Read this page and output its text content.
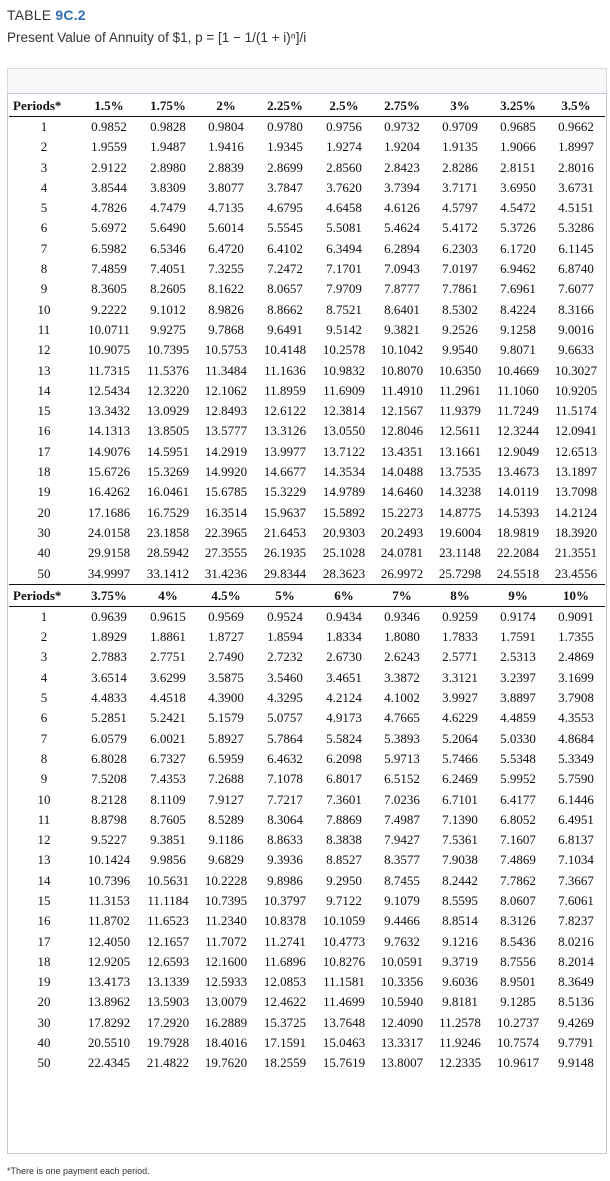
TABLE 9C.2
Present Value of Annuity of $1, p = [1 − 1/(1 + i)ⁿ]/i
Periods*	1.5%	1.75%	2%	2.25%	2.5%	2.75%	3%	3.25%	3.5%
1	0.9852	0.9828	0.9804	0.9780	0.9756	0.9732	0.9709	0.9685	0.9662
2	1.9559	1.9487	1.9416	1.9345	1.9274	1.9204	1.9135	1.9066	1.8997
3	2.9122	2.8980	2.8839	2.8699	2.8560	2.8423	2.8286	2.8151	2.8016
4	3.8544	3.8309	3.8077	3.7847	3.7620	3.7394	3.7171	3.6950	3.6731
5	4.7826	4.7479	4.7135	4.6795	4.6458	4.6126	4.5797	4.5472	4.5151
6	5.6972	5.6490	5.6014	5.5545	5.5081	5.4624	5.4172	5.3726	5.3286
7	6.5982	6.5346	6.4720	6.4102	6.3494	6.2894	6.2303	6.1720	6.1145
8	7.4859	7.4051	7.3255	7.2472	7.1701	7.0943	7.0197	6.9462	6.8740
9	8.3605	8.2605	8.1622	8.0657	7.9709	7.8777	7.7861	7.6961	7.6077
10	9.2222	9.1012	8.9826	8.8662	8.7521	8.6401	8.5302	8.4224	8.3166
11	10.0711	9.9275	9.7868	9.6491	9.5142	9.3821	9.2526	9.1258	9.0016
12	10.9075	10.7395	10.5753	10.4148	10.2578	10.1042	9.9540	9.8071	9.6633
13	11.7315	11.5376	11.3484	11.1636	10.9832	10.8070	10.6350	10.4669	10.3027
14	12.5434	12.3220	12.1062	11.8959	11.6909	11.4910	11.2961	11.1060	10.9205
15	13.3432	13.0929	12.8493	12.6122	12.3814	12.1567	11.9379	11.7249	11.5174
16	14.1313	13.8505	13.5777	13.3126	13.0550	12.8046	12.5611	12.3244	12.0941
17	14.9076	14.5951	14.2919	13.9977	13.7122	13.4351	13.1661	12.9049	12.6513
18	15.6726	15.3269	14.9920	14.6677	14.3534	14.0488	13.7535	13.4673	13.1897
19	16.4262	16.0461	15.6785	15.3229	14.9789	14.6460	14.3238	14.0119	13.7098
20	17.1686	16.7529	16.3514	15.9637	15.5892	15.2273	14.8775	14.5393	14.2124
30	24.0158	23.1858	22.3965	21.6453	20.9303	20.2493	19.6004	18.9819	18.3920
40	29.9158	28.5942	27.3555	26.1935	25.1028	24.0781	23.1148	22.2084	21.3551
50	34.9997	33.1412	31.4236	29.8344	28.3623	26.9972	25.7298	24.5518	23.4556
Periods*	3.75%	4%	4.5%	5%	6%	7%	8%	9%	10%
1	0.9639	0.9615	0.9569	0.9524	0.9434	0.9346	0.9259	0.9174	0.9091
2	1.8929	1.8861	1.8727	1.8594	1.8334	1.8080	1.7833	1.7591	1.7355
3	2.7883	2.7751	2.7490	2.7232	2.6730	2.6243	2.5771	2.5313	2.4869
4	3.6514	3.6299	3.5875	3.5460	3.4651	3.3872	3.3121	3.2397	3.1699
5	4.4833	4.4518	4.3900	4.3295	4.2124	4.1002	3.9927	3.8897	3.7908
6	5.2851	5.2421	5.1579	5.0757	4.9173	4.7665	4.6229	4.4859	4.3553
7	6.0579	6.0021	5.8927	5.7864	5.5824	5.3893	5.2064	5.0330	4.8684
8	6.8028	6.7327	6.5959	6.4632	6.2098	5.9713	5.7466	5.5348	5.3349
9	7.5208	7.4353	7.2688	7.1078	6.8017	6.5152	6.2469	5.9952	5.7590
10	8.2128	8.1109	7.9127	7.7217	7.3601	7.0236	6.7101	6.4177	6.1446
11	8.8798	8.7605	8.5289	8.3064	7.8869	7.4987	7.1390	6.8052	6.4951
12	9.5227	9.3851	9.1186	8.8633	8.3838	7.9427	7.5361	7.1607	6.8137
13	10.1424	9.9856	9.6829	9.3936	8.8527	8.3577	7.9038	7.4869	7.1034
14	10.7396	10.5631	10.2228	9.8986	9.2950	8.7455	8.2442	7.7862	7.3667
15	11.3153	11.1184	10.7395	10.3797	9.7122	9.1079	8.5595	8.0607	7.6061
16	11.8702	11.6523	11.2340	10.8378	10.1059	9.4466	8.8514	8.3126	7.8237
17	12.4050	12.1657	11.7072	11.2741	10.4773	9.7632	9.1216	8.5436	8.0216
18	12.9205	12.6593	12.1600	11.6896	10.8276	10.0591	9.3719	8.7556	8.2014
19	13.4173	13.1339	12.5933	12.0853	11.1581	10.3356	9.6036	8.9501	8.3649
20	13.8962	13.5903	13.0079	12.4622	11.4699	10.5940	9.8181	9.1285	8.5136
30	17.8292	17.2920	16.2889	15.3725	13.7648	12.4090	11.2578	10.2737	9.4269
40	20.5510	19.7928	18.4016	17.1591	15.0463	13.3317	11.9246	10.7574	9.7791
50	22.4345	21.4822	19.7620	18.2559	15.7619	13.8007	12.2335	10.9617	9.9148
*There is one payment each period.
